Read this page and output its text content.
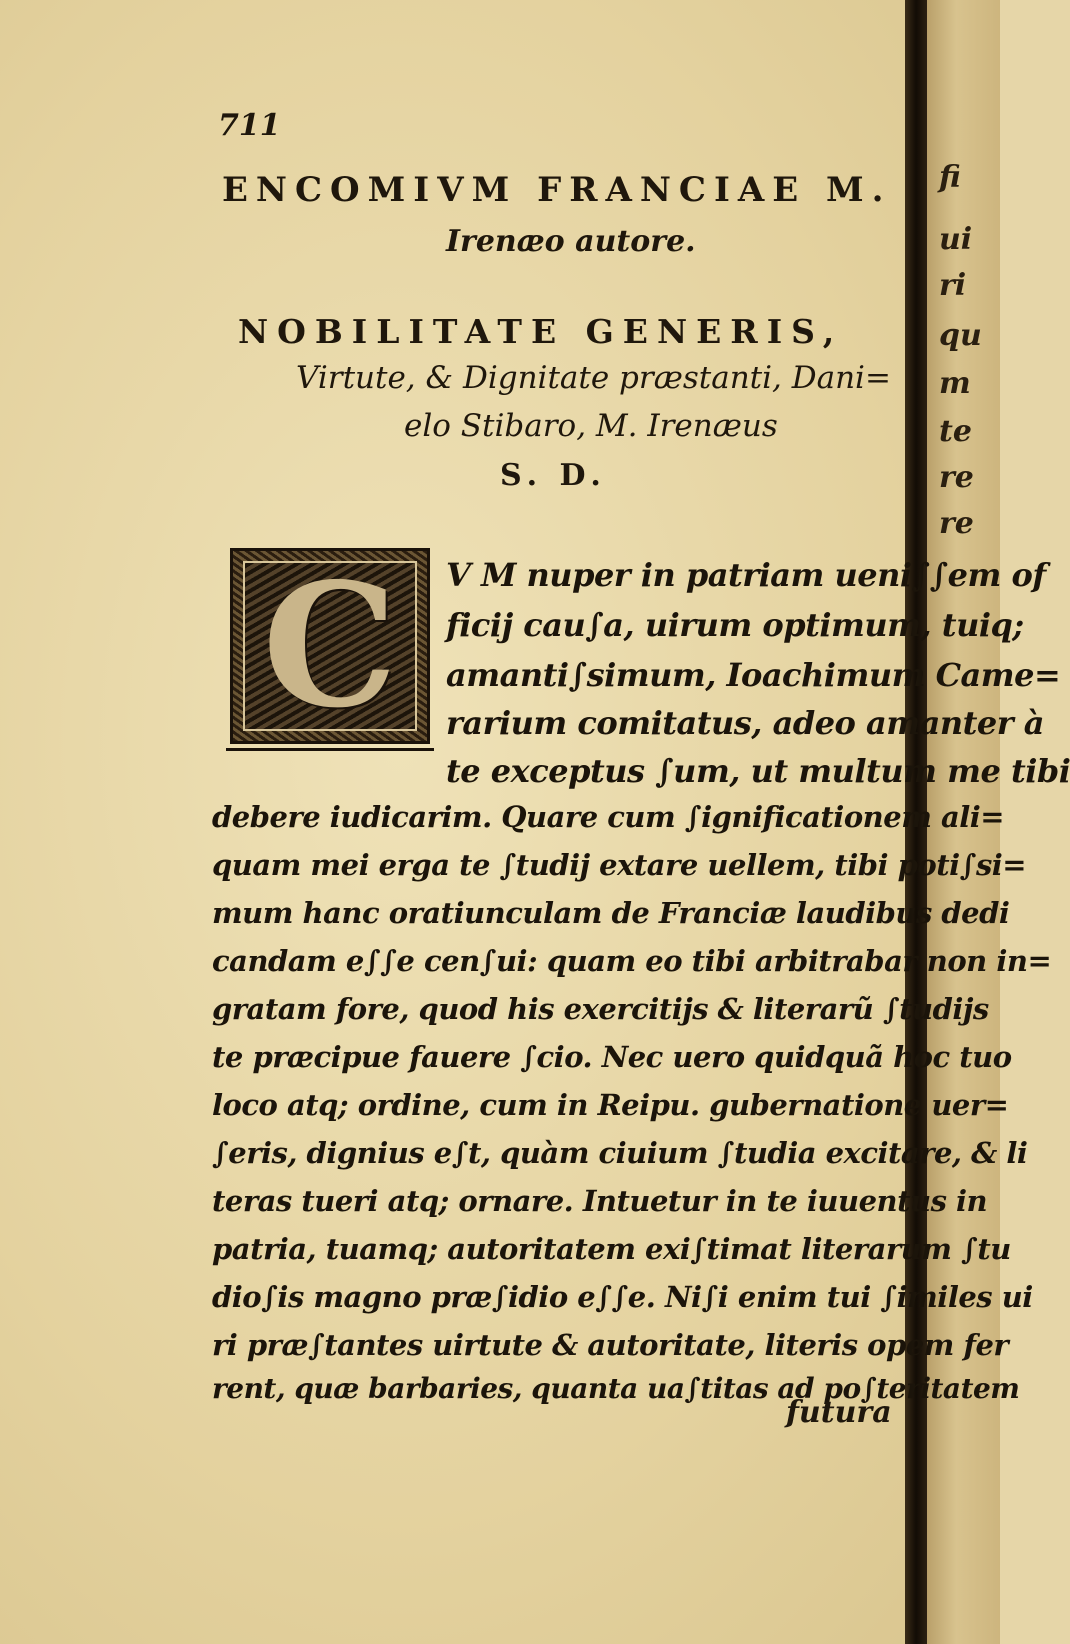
fi
ui
ri
qu
m
te
re
re
711
ENCOMIVM FRANCIAE M.
Irenæo autore.
NOBILITATE GENERIS,
Virtute, & Dignitate præstanti, Dani=
elo Stibaro, M. Irenæus
S. D.
C V M nuper in patriam ueni∫∫em of
ficij cau∫a, uirum optimum, tuiq;
amanti∫simum, Ioachimum Came=
rarium comitatus, adeo amanter à
te exceptus ∫um, ut multum me tibi
debere iudicarim. Quare cum ∫ignificationem ali=
quam mei erga te ∫tudij extare uellem, tibi poti∫si=
mum hanc oratiunculam de Franciæ laudibus dedi
candam e∫∫e cen∫ui: quam eo tibi arbitrabar non in=
gratam fore, quod his exercitijs & literarũ ∫tudijs
te præcipue fauere ∫cio. Nec uero quidquã hoc tuo
loco atq; ordine, cum in Reipu. gubernatione uer=
∫eris, dignius e∫t, quàm ciuium ∫tudia excitare, & li
teras tueri atq; ornare. Intuetur in te iuuentus in
patria, tuamq; autoritatem exi∫timat literarum ∫tu
dio∫is magno præ∫idio e∫∫e. Ni∫i enim tui ∫imiles ui
ri præ∫tantes uirtute & autoritate, literis opem fer
rent, quæ barbaries, quanta ua∫titas ad po∫teritatem
futura
